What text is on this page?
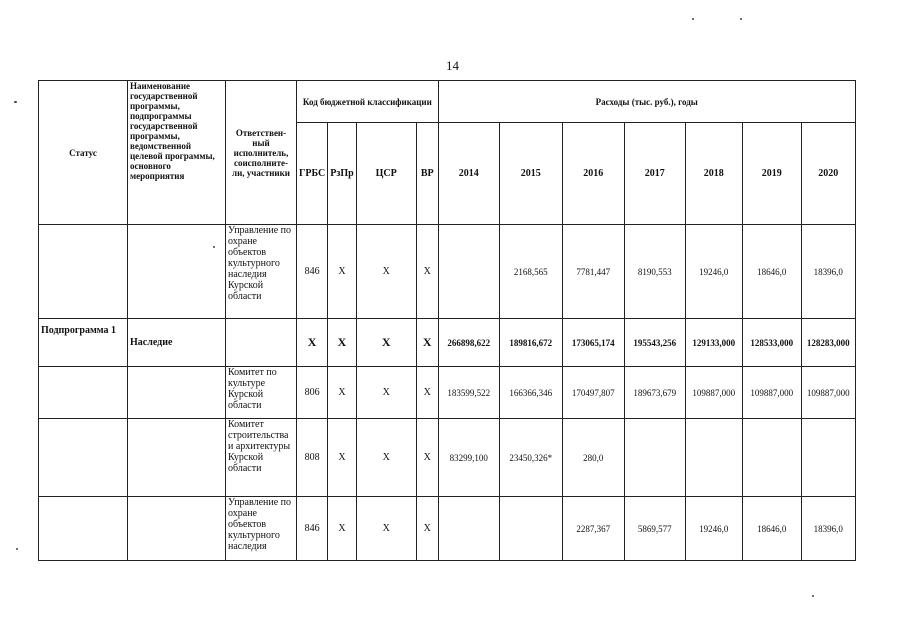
14
Статус	Наименование государственной программы, подпрограммы государственной программы, ведомственной целевой программы, основного мероприятия	Ответствен-ный исполнитель, соисполните-ли, участники	Код бюджетной классификации				Расходы (тыс. руб.), годы						
			ГРБС	РзПр	ЦСР	ВР	2014	2015	2016	2017	2018	2019	2020
		Управление по охране объектов культурного наследия Курской области	846	X	X	X		2168,565	7781,447	8190,553	19246,0	18646,0	18396,0
Подпрограмма 1	Наследие		X	X	X	X	266898,622	189816,672	173065,174	195543,256	129133,000	128533,000	128283,000
		Комитет по культуре Курской области	806	X	X	X	183599,522	166366,346	170497,807	189673,679	109887,000	109887,000	109887,000
		Комитет строительства и архитектуры Курской области	808	X	X	X	83299,100	23450,326*	280,0				
		Управление по охране объектов культурного наследия	846	X	X	X			2287,367	5869,577	19246,0	18646,0	18396,0
